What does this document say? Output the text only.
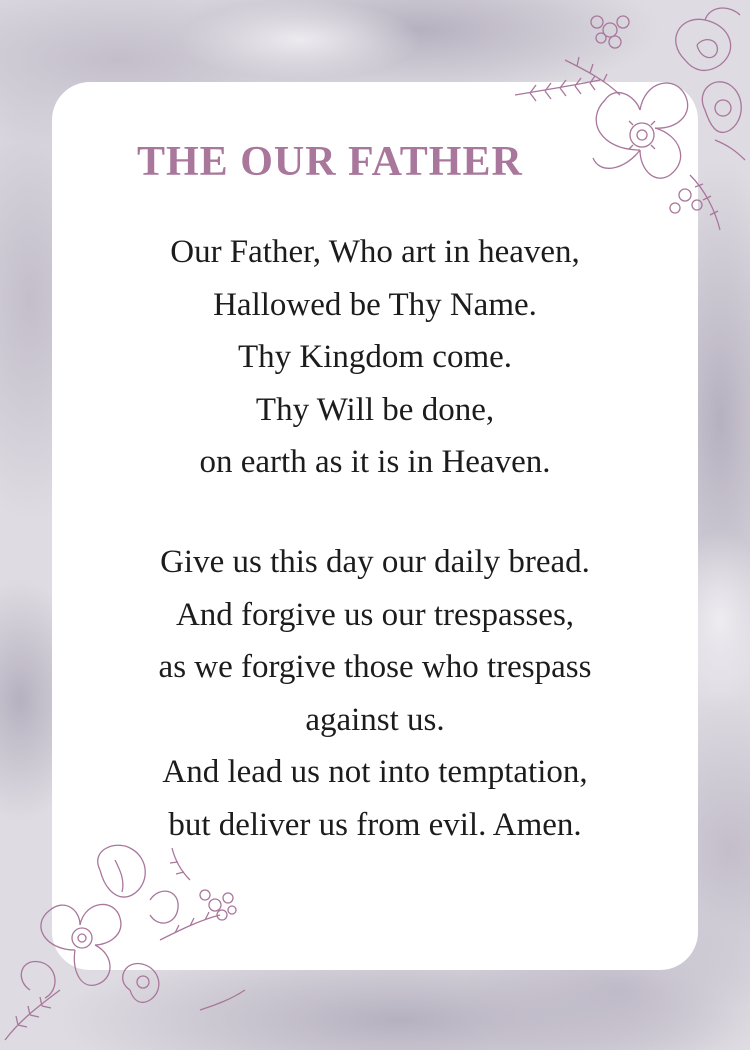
THE OUR FATHER
Our Father, Who art in heaven,
Hallowed be Thy Name.
Thy Kingdom come.
Thy Will be done,
on earth as it is in Heaven.
Give us this day our daily bread.
And forgive us our trespasses,
as we forgive those who trespass
against us.
And lead us not into temptation,
but deliver us from evil. Amen.
